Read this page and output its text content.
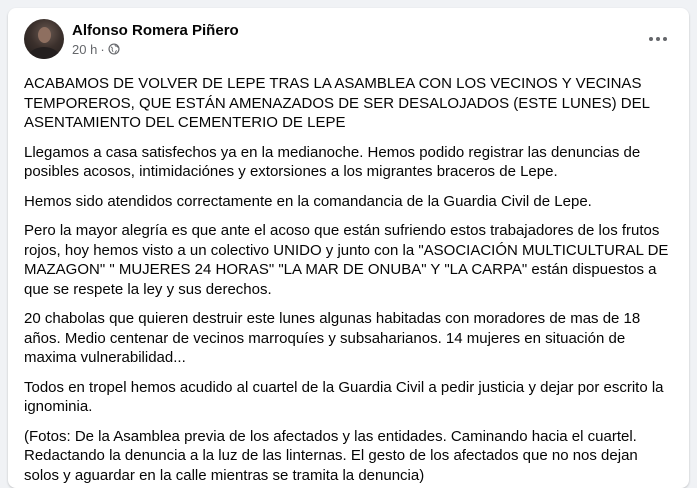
Alfonso Romera Piñero
20 h ·

ACABAMOS DE VOLVER DE LEPE TRAS LA ASAMBLEA CON LOS VECINOS Y VECINAS TEMPOREROS, QUE ESTÁN AMENAZADOS DE SER DESALOJADOS (ESTE LUNES) DEL ASENTAMIENTO DEL CEMENTERIO DE LEPE

Llegamos a casa satisfechos ya en la medianoche. Hemos podido registrar las denuncias de posibles acosos, intimidaciónes y extorsiones a los migrantes braceros de Lepe.

Hemos sido atendidos correctamente en la comandancia de la Guardia Civil de Lepe.

Pero la mayor alegría es que ante el acoso que están sufriendo estos trabajadores de los frutos rojos, hoy hemos visto a un colectivo UNIDO y junto con la "ASOCIACIÓN MULTICULTURAL DE MAZAGON" " MUJERES 24 HORAS" "LA MAR DE ONUBA" Y "LA CARPA" están dispuestos a que se respete la ley y sus derechos.

20 chabolas que quieren destruir este lunes algunas habitadas con moradores de mas de 18 años. Medio centenar de vecinos marroquíes y subsaharianos. 14 mujeres en situación de maxima vulnerabilidad...

Todos en tropel hemos acudido al cuartel de la Guardia Civil a pedir justicia y dejar por escrito la ignominia.

(Fotos: De la Asamblea previa de los afectados y las entidades. Caminando hacia el cuartel. Redactando la denuncia a la luz de las linternas. El gesto de los afectados que no nos dejan solos y aguardar en la calle mientras se tramita la denuncia)
